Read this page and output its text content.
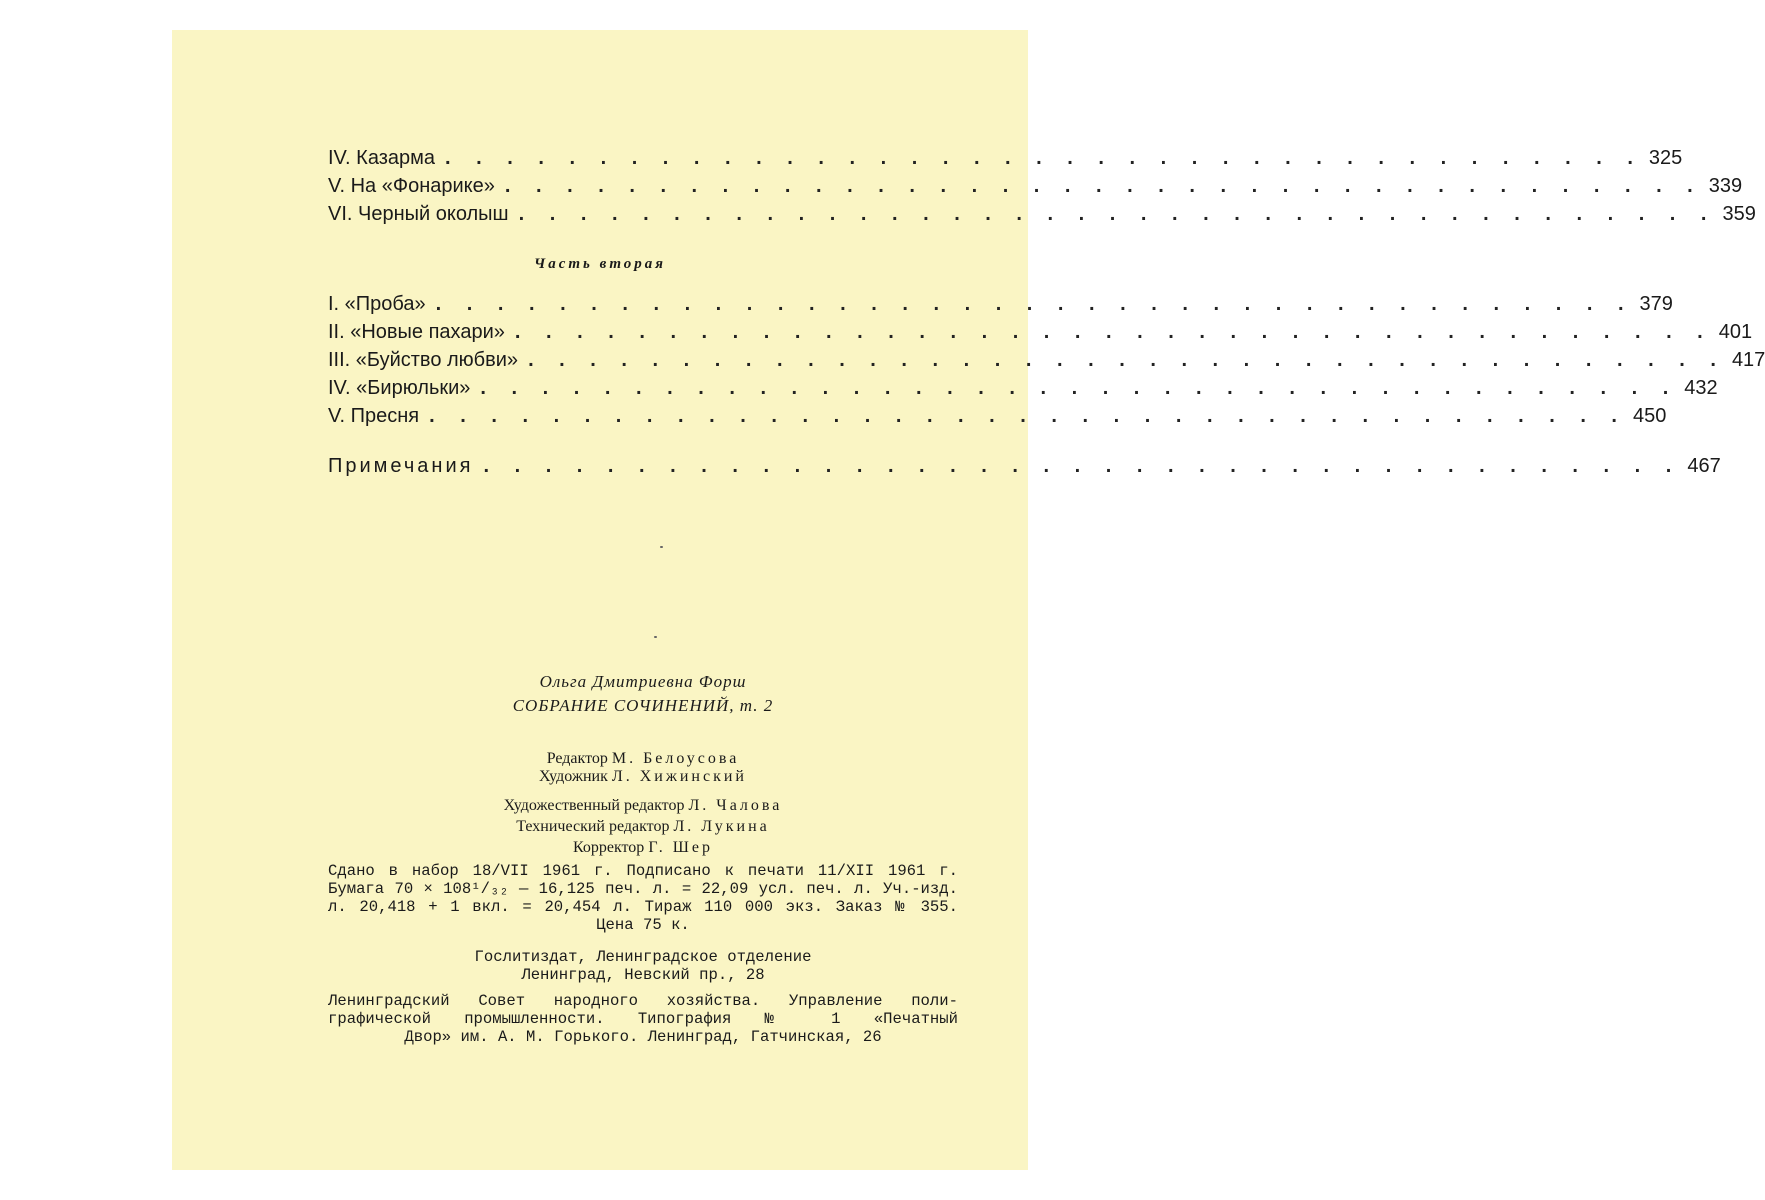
IV. Казарма . . . . . . . . . . . . . . . . . . . . . . . . . . . . . . . . . . . . . . . 325
V. На «Фонарике» . . . . . . . . . . . . . . . . . . . . . . . . . . . . . . . . . . . . . . . 339
VI. Черный околыш . . . . . . . . . . . . . . . . . . . . . . . . . . . . . . . . . . . . . . . 359

Часть вторая

I. «Проба» . . . . . . . . . . . . . . . . . . . . . . . . . . . . . . . . . . . . . . . 379
II. «Новые пахари» . . . . . . . . . . . . . . . . . . . . . . . . . . . . . . . . . . . . . . . 401
III. «Буйство любви» . . . . . . . . . . . . . . . . . . . . . . . . . . . . . . . . . . . . . . . 417
IV. «Бирюльки» . . . . . . . . . . . . . . . . . . . . . . . . . . . . . . . . . . . . . . . 432
V. Пресня . . . . . . . . . . . . . . . . . . . . . . . . . . . . . . . . . . . . . . . 450
Примечания . . . . . . . . . . . . . . . . . . . . . . . . . . . . . . . . . . . . . . . 467

Ольга Дмитриевна Форш

СОБРАНИЕ СОЧИНЕНИЙ, т. 2

Редактор М. Белоусова
Художник Л. Хижинский

Художественный редактор Л. Чалова
Технический редактор Л. Лукина
Корректор Г. Шер

Сдано в набор 18/VII 1961 г. Подписано к печати 11/XII 1961 г.
Бумага 70 × 108¹/₃₂ — 16,125 печ. л. = 22,09 усл. печ. л. Уч.-изд.
л. 20,418 + 1 вкл. = 20,454 л. Тираж 110 000 экз. Заказ № 355.
Цена 75 к.

Гослитиздат, Ленинградское отделение
Ленинград, Невский пр., 28

Ленинградский Совет народного хозяйства. Управление поли-
графической промышленности. Типография № 1 «Печатный
Двор» им. А. М. Горького. Ленинград, Гатчинская, 26
